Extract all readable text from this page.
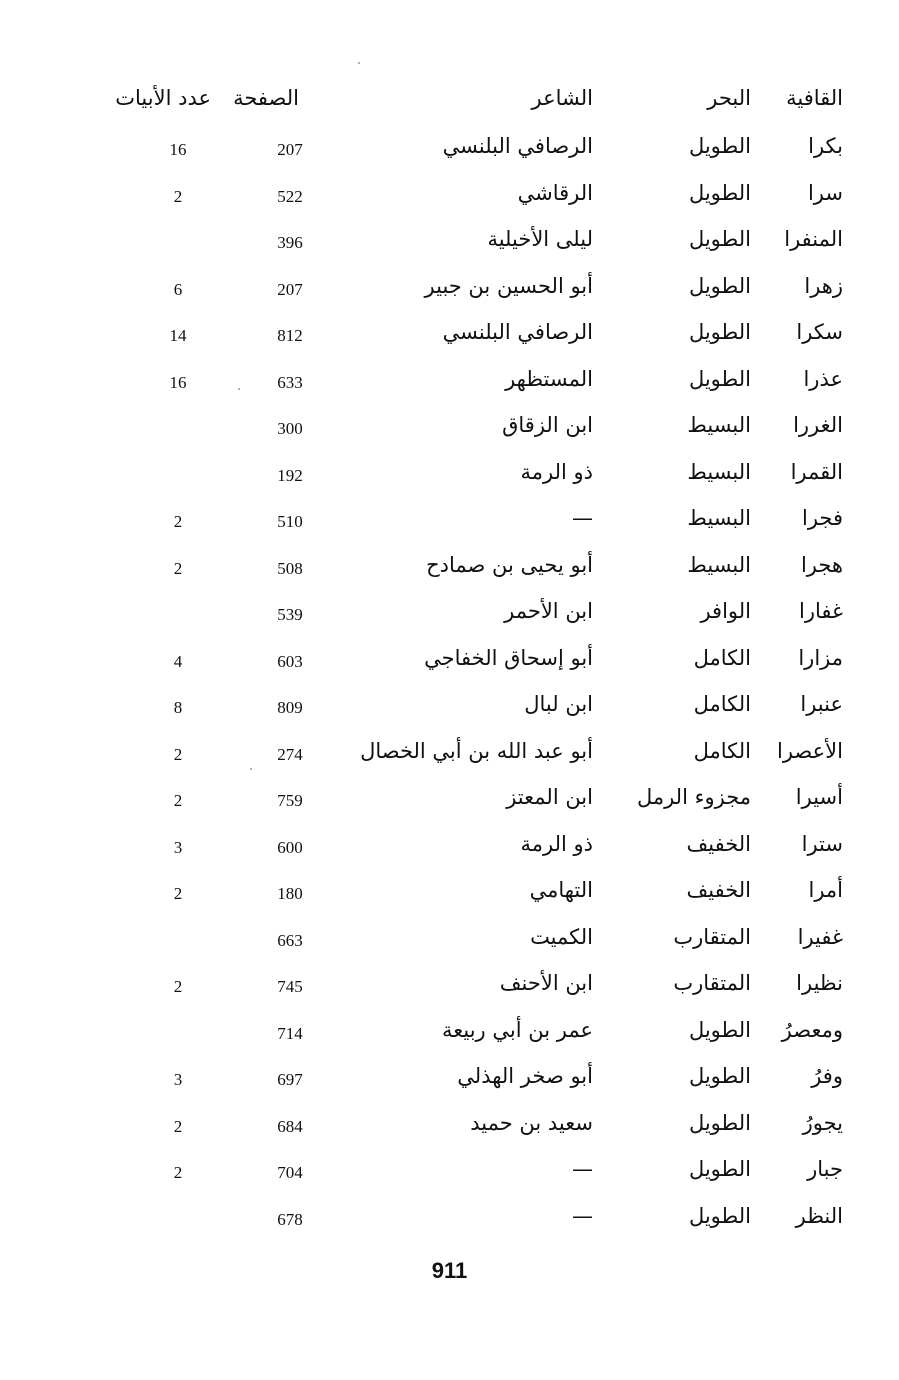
القافية
البحر
الشاعر
الصفحة
عدد الأبيات
بكرا
الطويل
الرصافي البلنسي
207
16
سرا
الطويل
الرقاشي
522
2
المنفرا
الطويل
ليلى الأخيلية
396
زهرا
الطويل
أبو الحسين بن جبير
207
6
سكرا
الطويل
الرصافي البلنسي
812
14
عذرا
الطويل
المستظهر
633
16
الغررا
البسيط
ابن الزقاق
300
القمرا
البسيط
ذو الرمة
192
فجرا
البسيط
—
510
2
هجرا
البسيط
أبو يحيى بن صمادح
508
2
غفارا
الوافر
ابن الأحمر
539
مزارا
الكامل
أبو إسحاق الخفاجي
603
4
عنبرا
الكامل
ابن لبال
809
8
الأعصرا
الكامل
أبو عبد الله بن أبي الخصال
274
2
أسيرا
مجزوء الرمل
ابن المعتز
759
2
سترا
الخفيف
ذو الرمة
600
3
أمرا
الخفيف
التهامي
180
2
غفيرا
المتقارب
الكميت
663
نظيرا
المتقارب
ابن الأحنف
745
2
ومعصرُ
الطويل
عمر بن أبي ربيعة
714
وفرُ
الطويل
أبو صخر الهذلي
697
3
يجورُ
الطويل
سعيد بن حميد
684
2
جبار
الطويل
—
704
2
النظر
الطويل
—
678
911
